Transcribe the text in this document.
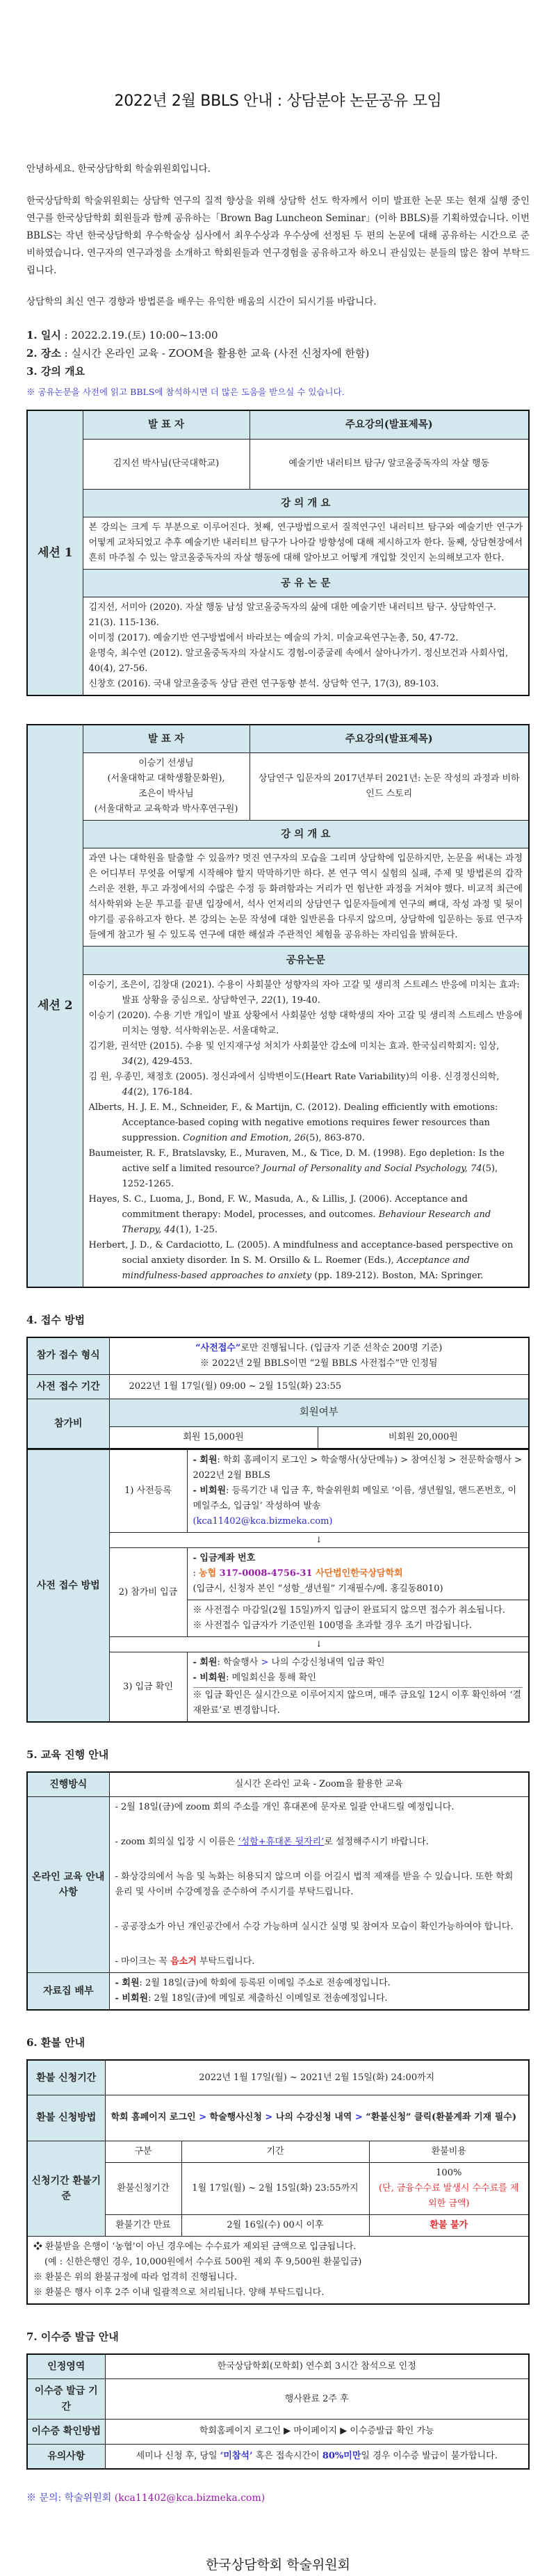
2022년 2월 BBLS 안내 : 상담분야 논문공유 모임

안녕하세요. 한국상담학회 학술위원회입니다.

한국상담학회 학술위원회는 상담학 연구의 질적 향상을 위해 상담학 선도 학자께서 이미 발표한 논문 또는 현재 실행 중인 연구를 한국상담학회 회원들과 함께 공유하는「Brown Bag Luncheon Seminar」(이하 BBLS)를 기획하였습니다. 이번 BBLS는 작년 한국상담학회 우수학술상 심사에서 최우수상과 우수상에 선정된 두 편의 논문에 대해 공유하는 시간으로 준비하였습니다. 연구자의 연구과정을 소개하고 학회원들과 연구경험을 공유하고자 하오니 관심있는 분들의 많은 참여 부탁드립니다.

상담학의 최신 연구 경향과 방법론을 배우는 유익한 배움의 시간이 되시기를 바랍니다.

1. 일시 : 2022.2.19.(토) 10:00~13:00
2. 장소 : 실시간 온라인 교육 - ZOOM을 활용한 교육 (사전 신청자에 한함)
3. 강의 개요
※ 공유논문을 사전에 읽고 BBLS에 참석하시면 더 많은 도움을 받으실 수 있습니다.
세션 1	발 표 자	주요강의(발표제목)
	김지선 박사님(단국대학교)	예술기반 내러티브 탐구/ 알코올중독자의 자살 행동
	강 의 개 요	
	본 강의는 크게 두 부분으로 이루어진다. 첫째, 연구방법으로서 질적연구인 내러티브 탐구와 예술기반 연구가 어떻게 교차되었고 추후 예술기반 내러티브 탐구가 나아갈 방향성에 대해 제시하고자 한다. 둘째, 상담현장에서 흔히 마주칠 수 있는 알코올중독자의 자살 행동에 대해 알아보고 어떻게 개입할 것인지 논의해보고자 한다.	
	공 유 논 문	

	김지선, 서미아 (2020). 자살 행동 남성 알코올중독자의 삶에 대한 예술기반 내러티브 탐구. 상담학연구. 21(3). 115-136.

이미정 (2017). 예술기반 연구방법에서 바라보는 예술의 가치. 미술교육연구논총, 50, 47-72.

윤명숙, 최수연 (2012). 알코올중독자의 자살시도 경험-이중굴레 속에서 살아나가기. 정신보건과 사회사업, 40(4), 27-56.

신창호 (2016). 국내 알코올중독 상담 관련 연구동향 분석. 상담학 연구, 17(3), 89-103.	

세션 2	발 표 자	주요강의(발표제목)

	이승기 선생님
(서울대학교 대학생활문화원),
조은이 박사님
(서울대학교 교육학과 박사후연구원)	상담연구 입문자의 2017년부터 2021년: 논문 작성의 과정과 비하인드 스토리
	강 의 개 요	
	과연 나는 대학원을 탈출할 수 있을까? 멋진 연구자의 모습을 그리며 상담학에 입문하지만, 논문을 써내는 과정은 어디부터 무엇을 어떻게 시작해야 할지 막막하기만 하다. 본 연구 역시 실험의 실패, 주제 및 방법론의 갑작스러운 전환, 투고 과정에서의 수많은 수정 등 화려함과는 거리가 먼 험난한 과정을 거쳐야 했다. 비교적 최근에 석사학위와 논문 투고를 끝낸 입장에서, 석사 언저리의 상담연구 입문자들에게 연구의 뼈대, 작성 과정 및 뒷이야기를 공유하고자 한다. 본 강의는 논문 작성에 대한 일반론을 다루지 않으며, 상담학에 입문하는 동료 연구자들에게 참고가 될 수 있도록 연구에 대한 해설과 주관적인 체험을 공유하는 자리임을 밝혀둔다.	
	공유논문	

이승기, 조은이, 김창대 (2021). 수용이 사회불안 성향자의 자아 고갈 및 생리적 스트레스 반응에 미치는 효과: 발표 상황을 중심으로. 상담학연구, 22(1), 19-40.

이승기 (2020). 수용 기반 개입이 발표 상황에서 사회불안 성향 대학생의 자아 고갈 및 생리적 스트레스 반응에 미치는 영향. 석사학위논문. 서울대학교.

김기환, 권석만 (2015). 수용 및 인지재구성 처치가 사회불안 감소에 미치는 효과. 한국심리학회지: 임상, 34(2), 429-453.

김 원, 우종민, 채정호 (2005). 정신과에서 심박변이도(Heart Rate Variability)의 이용. 신경정신의학, 44(2), 176-184.

Alberts, H. J. E. M., Schneider, F., & Martijn, C. (2012). Dealing efficiently with emotions: Acceptance-based coping with negative emotions requires fewer resources than suppression. Cognition and Emotion, 26(5), 863-870.

Baumeister, R. F., Bratslavsky, E., Muraven, M., & Tice, D. M. (1998). Ego depletion: Is the active self a limited resource? Journal of Personality and Social Psychology, 74(5), 1252-1265.

Hayes, S. C., Luoma, J., Bond, F. W., Masuda, A., & Lillis, J. (2006). Acceptance and commitment therapy: Model, processes, and outcomes. Behaviour Research and Therapy, 44(1), 1-25.

Herbert, J. D., & Cardaciotto, L. (2005). A mindfulness and acceptance-based perspective on social anxiety disorder. In S. M. Orsillo & L. Roemer (Eds.), Acceptance and mindfulness-based approaches to anxiety (pp. 189-212). Boston, MA: Springer.

4. 접수 방법
참가 접수 형식	“사전접수”로만 진행됩니다. (입금자 기준 선착순 200명 기준)
※ 2022년 2월 BBLS이면 “2월 BBLS 사전접수”만 인정됨	

사전 접수 기간	2022년 1월 17일(월) 09:00 ~ 2월 15일(화) 23:55	
참가비	회원여부	
	회원 15,000원	비회원 20,000원
사전 접수 방법	1) 사전등록	- 회원: 학회 홈페이지 로그인 > 학술행사(상단메뉴) > 참여신청 > 전문학술행사 > 2022년 2월 BBLS
- 비회원: 등록기간 내 입금 후, 학술위원회 메일로 ‘이름, 생년월일, 핸드폰번호, 이메일주소, 입금일’ 작성하여 발송
(kca11402@kca.bizmeka.com)

	↓	
	2) 참가비 입금	- 입금계좌 번호
: 농협 317-0008-4756-31 사단법인한국상담학회
(입금시, 신청자 본인 “성함_생년월” 기재필수/예. 홍길동8010)

		※ 사전접수 마감일(2월 15일)까지 입금이 완료되지 않으면 접수가 취소됩니다.
※ 사전접수 입금자가 기준인원 100명을 초과할 경우 조기 마감됩니다.

	↓	
	3) 입금 확인	- 회원: 학술행사 > 나의 수강신청내역 입금 확인
- 비회원: 메일회신을 통해 확인
※ 입금 확인은 실시간으로 이루어지지 않으며, 매주 금요일 12시 이후 확인하여 ‘결재완료’로 변경합니다.
5. 교육 진행 안내
진행방식	실시간 온라인 교육 - Zoom을 활용한 교육
온라인 교육 안내사항	- 2월 18일(금)에 zoom 회의 주소를 개인 휴대폰에 문자로 일괄 안내드릴 예정입니다.

- zoom 회의실 입장 시 이름은 ‘성함+휴대폰 뒷자리’로 설정해주시기 바랍니다.

- 화상강의에서 녹음 및 녹화는 허용되지 않으며 이를 어길시 법적 제재를 받을 수 있습니다. 또한 학회 윤리 및 사이버 수강예정을 준수하여 주시기를 부탁드립니다.

- 공공장소가 아닌 개인공간에서 수강 가능하며 실시간 실명 및 참여자 모습이 확인가능하여야 합니다.

- 마이크는 꼭 음소거 부탁드립니다.

자료집 배부	- 회원: 2월 18일(금)에 학회에 등록된 이메일 주소로 전송예정입니다.
- 비회원: 2월 18일(금)에 메일로 제출하신 이메일로 전송예정입니다.
6. 환불 안내
환불 신청기간	2022년 1월 17일(월) ~ 2021년 2월 15일(화) 24:00까지		
환불 신청방법	학회 홈페이지 로그인 > 학술행사신청 > 나의 수강신청 내역 > “환불신청” 클릭(환불계좌 기재 필수)		
신청기간 환불기준	구분	기간	환불비용
	환불신청기간	1월 17일(월) ~ 2월 15일(화) 23:55까지	100%
(단, 금융수수료 발생시 수수료를 제외한 금액)

	환불기간 만료	2월 16일(수) 00시 이후	환불 불가

❖ 환불받을 은행이 ‘농협’이 아닌 경우에는 수수료가 제외된 금액으로 입금됩니다.
(예 : 신한은행인 경우, 10,000원에서 수수료 500원 제외 후 9,500원 환불입금)
※ 환불은 위의 환불규정에 따라 엄격히 진행됩니다.
※ 환불은 행사 이후 2주 이내 일괄적으로 처리됩니다. 양해 부탁드립니다.			
7. 이수증 발급 안내
인정영역	한국상담학회(모학회) 연수회 3시간 참석으로 인정
이수증 발급 기간	행사완료 2주 후
이수증 확인방법	학회홈페이지 로그인 ▶ 마이페이지 ▶ 이수증발급 확인 가능
유의사항	세미나 신청 후, 당일 ‘미참석’ 혹은 접속시간이 80%미만일 경우 이수증 발급이 불가합니다.
※ 문의: 학술위원회 (kca11402@kca.bizmeka.com)
한국상담학회 학술위원회
